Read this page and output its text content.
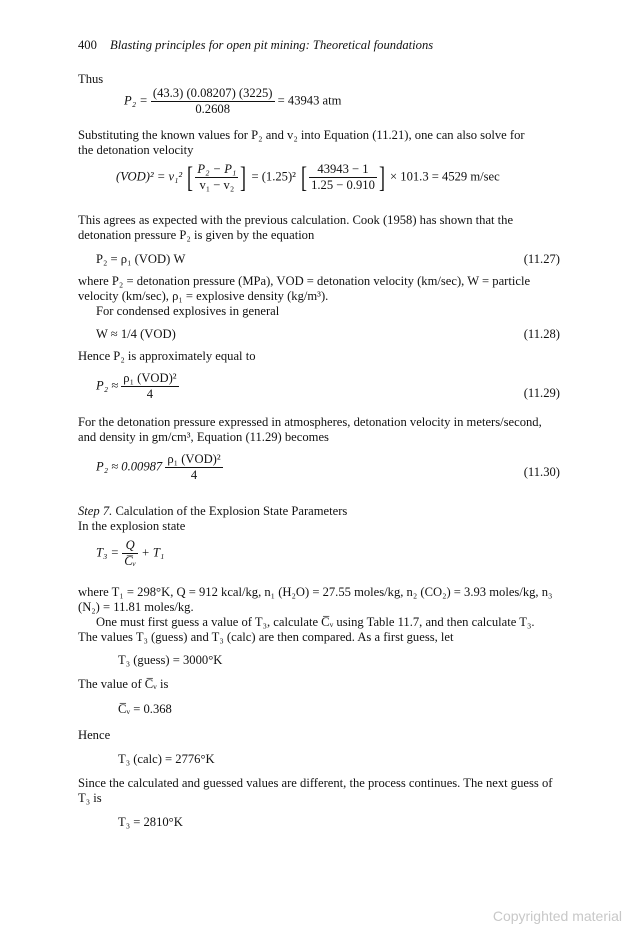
400 Blasting principles for open pit mining: Theoretical foundations
Thus
$P_2 = \frac{(43.3) (0.08207) (3225)}{0.2608} = 43943$ atm
Substituting the known values for P₂ and v₂ into Equation (11.21), one can also solve for
the detonation velocity
(VOD)² = v₁² [ $\frac{\text{P₂ − P₁}}{\text{v₁ − v₂}}$ ] = (1.25)² [ $\frac{43943 - 1}{1.25 - 0.910}$ ] × 101.3 = 4529 m/sec
This agrees as expected with the previous calculation. Cook (1958) has shown that the
detonation pressure P₂ is given by the equation
P₂ = ρ₁ (VOD) W	(11.27)
where P₂ = detonation pressure (MPa), VOD = detonation velocity (km/sec), W = particle
velocity (km/sec), ρ₁ = explosive density (kg/m³).
For condensed explosives in general
W ≈ 1/4 (VOD)	(11.28)
Hence P₂ is approximately equal to
$P_2 \approx \frac{\text{ρ₁ (VOD)²}}{4}$	(11.29)
For the detonation pressure expressed in atmospheres, detonation velocity in meters/second,
and density in gm/cm³, Equation (11.29) becomes
$P_2 \approx 0.00987 \frac{\text{ρ₁ (VOD)²}}{4}$	(11.30)
Step 7. Calculation of the Explosion State Parameters
In the explosion state
$T_3 = \frac{Q}{\text{C̅ᵥ}} + T_1$
where T₁ = 298°K, Q = 912 kcal/kg, n₁ (H₂O) = 27.55 moles/kg, n₂ (CO₂) = 3.93 moles/kg, n₃
(N₂) = 11.81 moles/kg.
One must first guess a value of T₃, calculate C̅ᵥ using Table 11.7, and then calculate T₃.
The values T₃ (guess) and T₃ (calc) are then compared. As a first guess, let
T₃ (guess) = 3000°K
The value of C̅ᵥ is
C̅ᵥ = 0.368
Hence
T₃ (calc) = 2776°K
Since the calculated and guessed values are different, the process continues. The next guess of
T₃ is
T₃ = 2810°K
Copyrighted material
